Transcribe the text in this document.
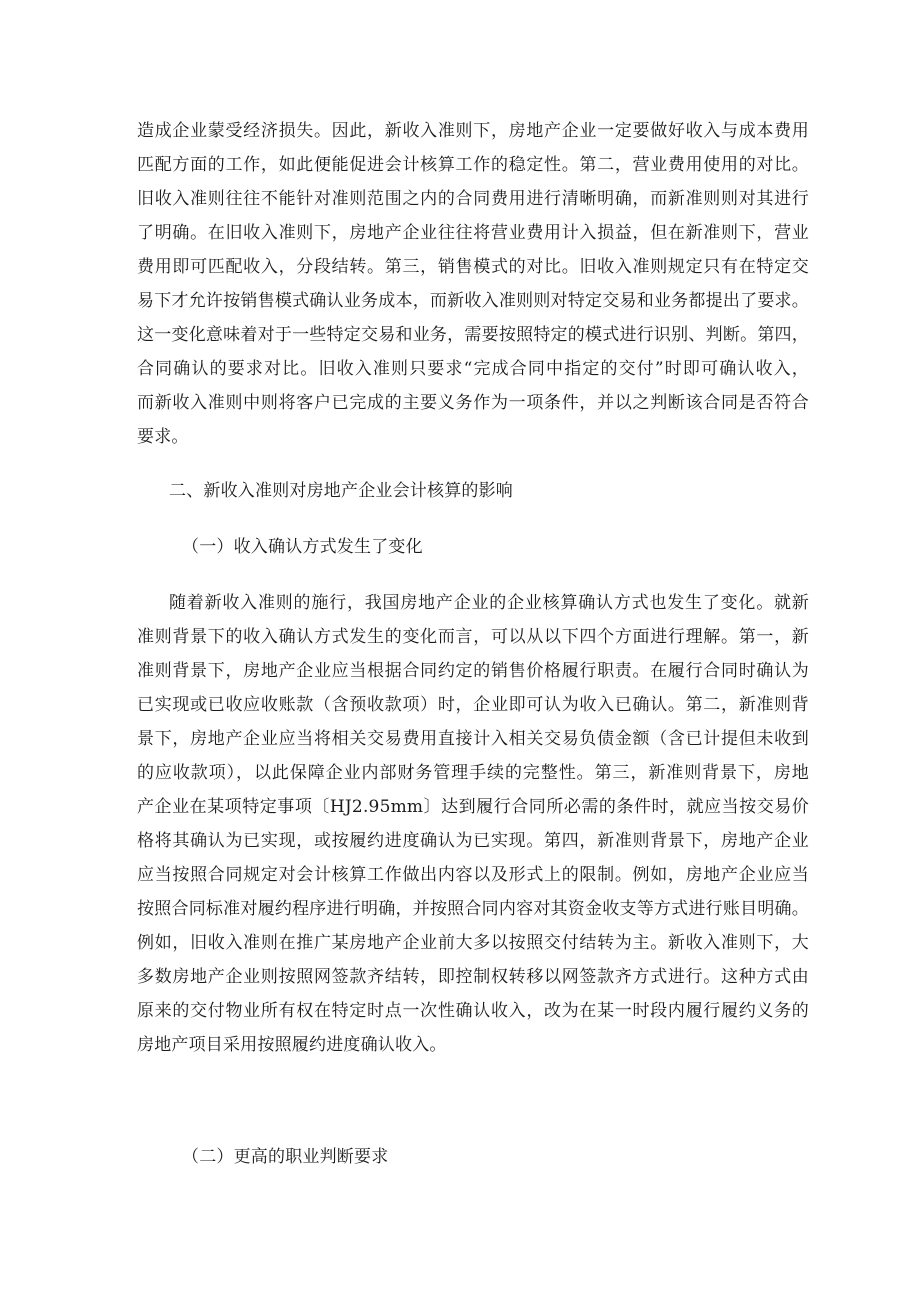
造成企业蒙受经济损失。因此，新收入准则下，房地产企业一定要做好收入与成本费用
匹配方面的工作，如此便能促进会计核算工作的稳定性。第二，营业费用使用的对比。
旧收入准则往往不能针对准则范围之内的合同费用进行清晰明确，而新准则则对其进行
了明确。在旧收入准则下，房地产企业往往将营业费用计入损益，但在新准则下，营业
费用即可匹配收入，分段结转。第三，销售模式的对比。旧收入准则规定只有在特定交
易下才允许按销售模式确认业务成本，而新收入准则则对特定交易和业务都提出了要求。
这一变化意味着对于一些特定交易和业务，需要按照特定的模式进行识别、判断。第四，
合同确认的要求对比。旧收入准则只要求“完成合同中指定的交付”时即可确认收入，
而新收入准则中则将客户已完成的主要义务作为一项条件，并以之判断该合同是否符合
要求。
二、新收入准则对房地产企业会计核算的影响
（一）收入确认方式发生了变化
随着新收入准则的施行，我国房地产企业的企业核算确认方式也发生了变化。就新
准则背景下的收入确认方式发生的变化而言，可以从以下四个方面进行理解。第一，新
准则背景下，房地产企业应当根据合同约定的销售价格履行职责。在履行合同时确认为
已实现或已收应收账款（含预收款项）时，企业即可认为收入已确认。第二，新准则背
景下，房地产企业应当将相关交易费用直接计入相关交易负债金额（含已计提但未收到
的应收款项），以此保障企业内部财务管理手续的完整性。第三，新准则背景下，房地
产企业在某项特定事项〔HJ2.95mm〕达到履行合同所必需的条件时，就应当按交易价
格将其确认为已实现，或按履约进度确认为已实现。第四，新准则背景下，房地产企业
应当按照合同规定对会计核算工作做出内容以及形式上的限制。例如，房地产企业应当
按照合同标准对履约程序进行明确，并按照合同内容对其资金收支等方式进行账目明确。
例如，旧收入准则在推广某房地产企业前大多以按照交付结转为主。新收入准则下，大
多数房地产企业则按照网签款齐结转，即控制权转移以网签款齐方式进行。这种方式由
原来的交付物业所有权在特定时点一次性确认收入，改为在某一时段内履行履约义务的
房地产项目采用按照履约进度确认收入。
（二）更高的职业判断要求
